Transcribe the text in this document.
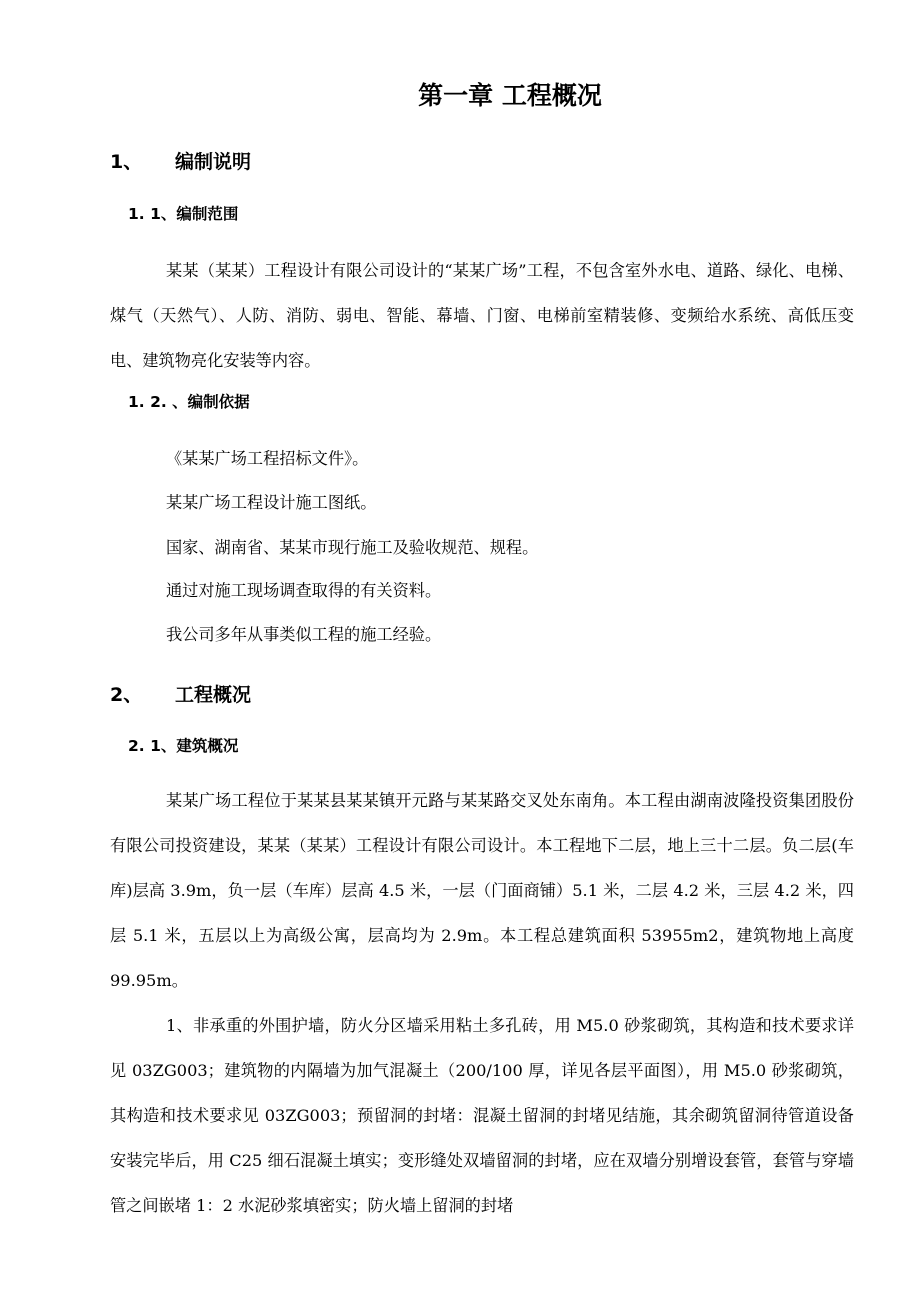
第一章 工程概况
1、 编制说明
1. 1、编制范围

某某（某某）工程设计有限公司设计的“某某广场”工程，不包含室外水电、道路、绿化、电梯、煤气（天然气）、人防、消防、弱电、智能、幕墙、门窗、电梯前室精装修、变频给水系统、高低压变电、建筑物亮化安装等内容。

1. 2. 、编制依据

《某某广场工程招标文件》。

某某广场工程设计施工图纸。

国家、湖南省、某某市现行施工及验收规范、规程。

通过对施工现场调查取得的有关资料。

我公司多年从事类似工程的施工经验。

2、 工程概况
2. 1、建筑概况

某某广场工程位于某某县某某镇开元路与某某路交叉处东南角。本工程由湖南波隆投资集团股份有限公司投资建设，某某（某某）工程设计有限公司设计。本工程地下二层，地上三十二层。负二层(车库)层高 3.9m，负一层（车库）层高 4.5 米，一层（门面商铺）5.1 米，二层 4.2 米，三层 4.2 米，四层 5.1 米，五层以上为高级公寓，层高均为 2.9m。本工程总建筑面积 53955m2，建筑物地上高度 99.95m。

1、非承重的外围护墙，防火分区墙采用粘土多孔砖，用 M5.0 砂浆砌筑，其构造和技术要求详见 03ZG003；建筑物的内隔墙为加气混凝土（200/100 厚，详见各层平面图），用 M5.0 砂浆砌筑，其构造和技术要求见 03ZG003；预留洞的封堵：混凝土留洞的封堵见结施，其余砌筑留洞待管道设备安装完毕后，用 C25 细石混凝土填实；变形缝处双墙留洞的封堵，应在双墙分别增设套管，套管与穿墙管之间嵌堵 1：2 水泥砂浆填密实；防火墙上留洞的封堵
